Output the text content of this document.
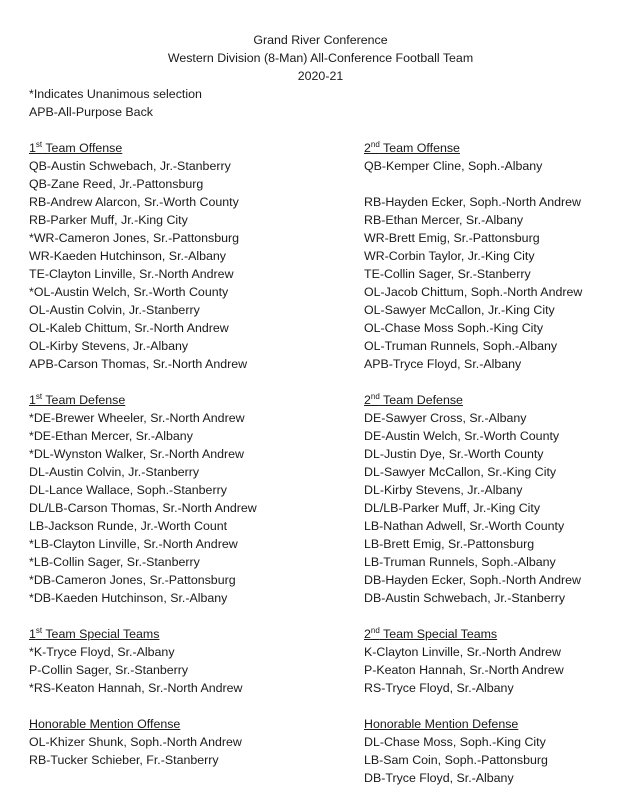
Grand River Conference
Western Division (8-Man) All-Conference Football Team
2020-21
*Indicates Unanimous selection
APB-All-Purpose Back
1st Team Offense
QB-Austin Schwebach, Jr.-Stanberry
QB-Zane Reed, Jr.-Pattonsburg
RB-Andrew Alarcon, Sr.-Worth County
RB-Parker Muff, Jr.-King City
*WR-Cameron Jones, Sr.-Pattonsburg
WR-Kaeden Hutchinson, Sr.-Albany
TE-Clayton Linville, Sr.-North Andrew
*OL-Austin Welch, Sr.-Worth County
OL-Austin Colvin, Jr.-Stanberry
OL-Kaleb Chittum, Sr.-North Andrew
OL-Kirby Stevens, Jr.-Albany
APB-Carson Thomas, Sr.-North Andrew
1st Team Defense
*DE-Brewer Wheeler, Sr.-North Andrew
*DE-Ethan Mercer, Sr.-Albany
*DL-Wynston Walker, Sr.-North Andrew
DL-Austin Colvin, Jr.-Stanberry
DL-Lance Wallace, Soph.-Stanberry
DL/LB-Carson Thomas, Sr.-North Andrew
LB-Jackson Runde, Jr.-Worth Count
*LB-Clayton Linville, Sr.-North Andrew
*LB-Collin Sager, Sr.-Stanberry
*DB-Cameron Jones, Sr.-Pattonsburg
*DB-Kaeden Hutchinson, Sr.-Albany
1st Team Special Teams
*K-Tryce Floyd, Sr.-Albany
P-Collin Sager, Sr.-Stanberry
*RS-Keaton Hannah, Sr.-North Andrew
Honorable Mention Offense
OL-Khizer Shunk, Soph.-North Andrew
RB-Tucker Schieber, Fr.-Stanberry
2nd Team Offense
QB-Kemper Cline, Soph.-Albany
RB-Hayden Ecker, Soph.-North Andrew
RB-Ethan Mercer, Sr.-Albany
WR-Brett Emig, Sr.-Pattonsburg
WR-Corbin Taylor, Jr.-King City
TE-Collin Sager, Sr.-Stanberry
OL-Jacob Chittum, Soph.-North Andrew
OL-Sawyer McCallon, Jr.-King City
OL-Chase Moss Soph.-King City
OL-Truman Runnels, Soph.-Albany
APB-Tryce Floyd, Sr.-Albany
2nd Team Defense
DE-Sawyer Cross, Sr.-Albany
DE-Austin Welch, Sr.-Worth County
DL-Justin Dye, Sr.-Worth County
DL-Sawyer McCallon, Sr.-King City
DL-Kirby Stevens, Jr.-Albany
DL/LB-Parker Muff, Jr.-King City
LB-Nathan Adwell, Sr.-Worth County
LB-Brett Emig, Sr.-Pattonsburg
LB-Truman Runnels, Soph.-Albany
DB-Hayden Ecker, Soph.-North Andrew
DB-Austin Schwebach, Jr.-Stanberry
2nd Team Special Teams
K-Clayton Linville, Sr.-North Andrew
P-Keaton Hannah, Sr.-North Andrew
RS-Tryce Floyd, Sr.-Albany
Honorable Mention Defense
DL-Chase Moss, Soph.-King City
LB-Sam Coin, Soph.-Pattonsburg
DB-Tryce Floyd, Sr.-Albany
